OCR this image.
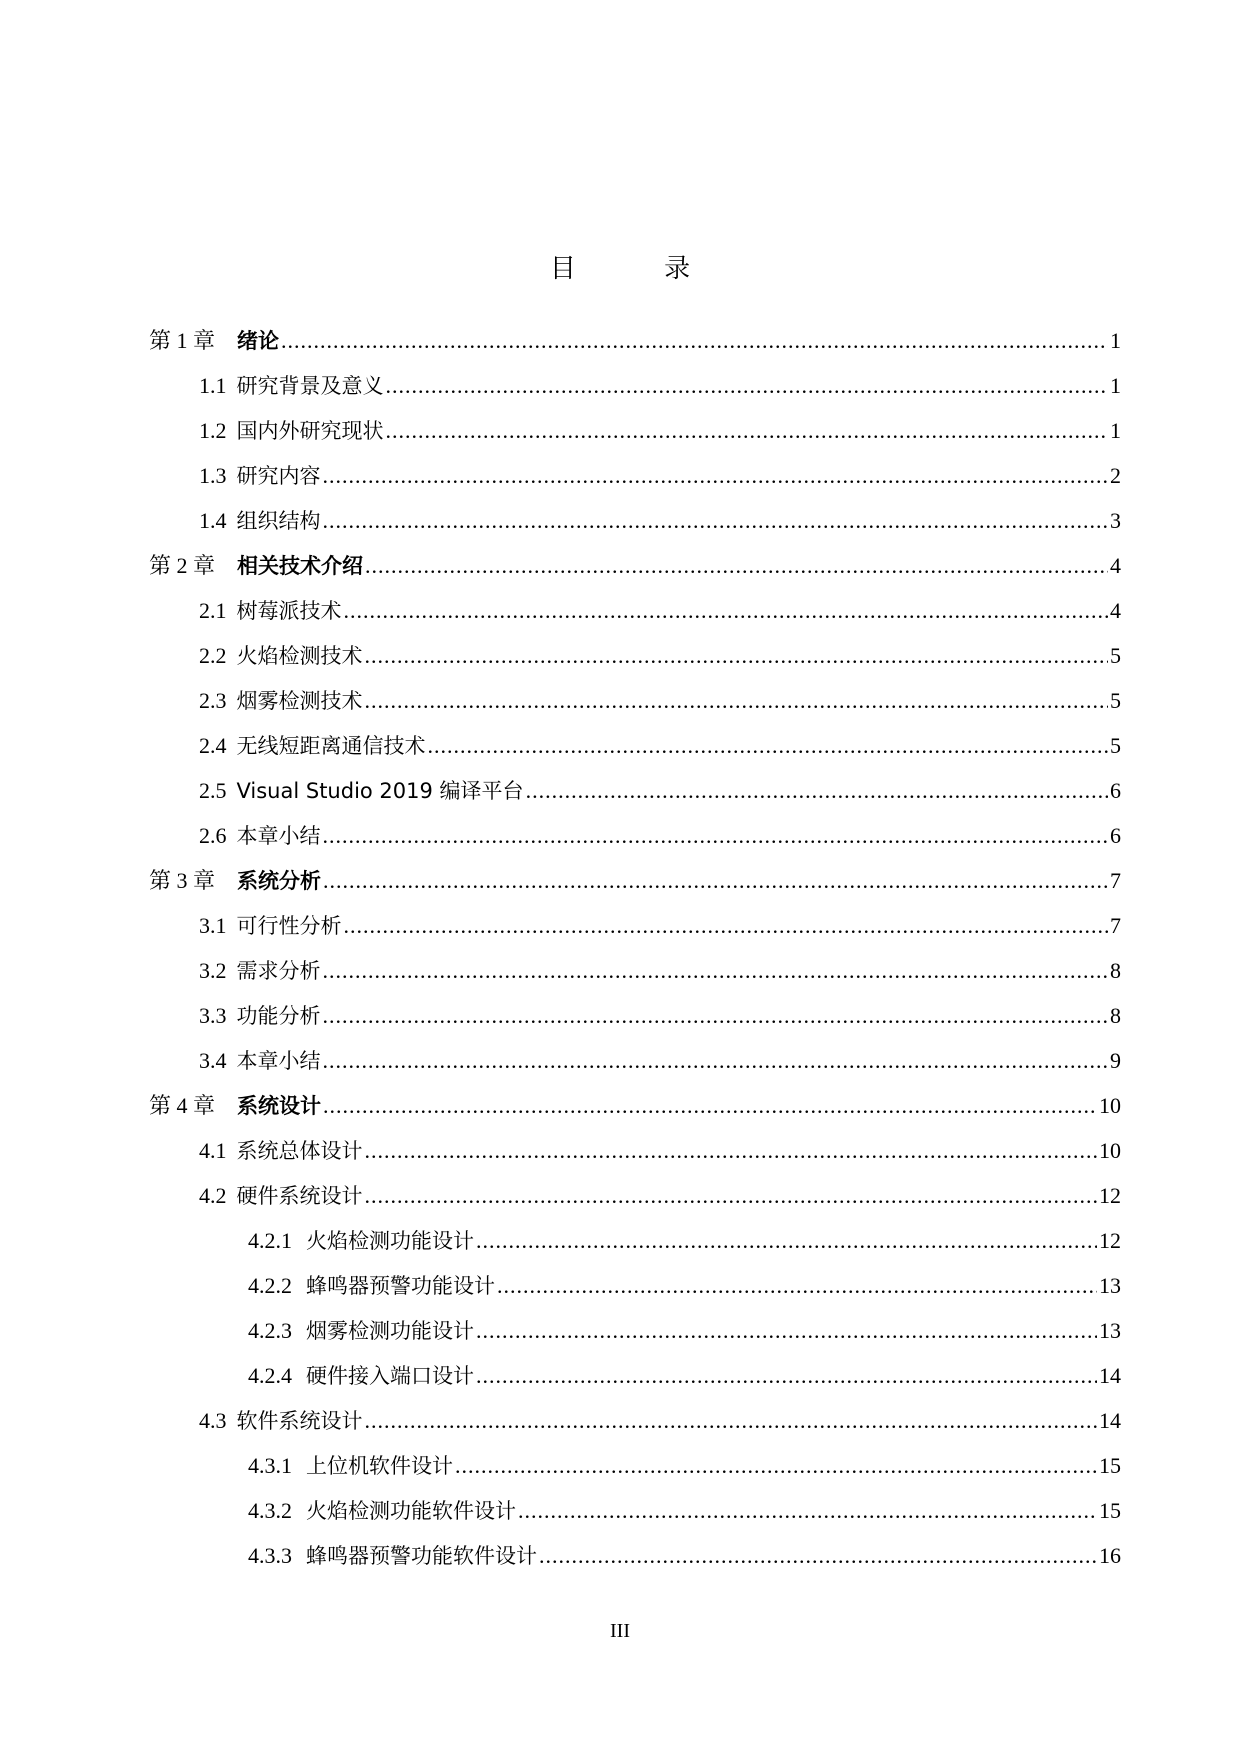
目 录
第 1 章 绪论 .....	1
1.1 研究背景及意义 .....	1
1.2 国内外研究现状 .....	1
1.3 研究内容 .....	2
1.4 组织结构 .....	3
第 2 章 相关技术介绍 .....	4
2.1 树莓派技术 .....	4
2.2 火焰检测技术 .....	5
2.3 烟雾检测技术 .....	5
2.4 无线短距离通信技术 .....	5
2.5 Visual Studio 2019 编译平台 .....	6
2.6 本章小结 .....	6
第 3 章 系统分析 .....	7
3.1 可行性分析 .....	7
3.2 需求分析 .....	8
3.3 功能分析 .....	8
3.4 本章小结 .....	9
第 4 章 系统设计 .....	10
4.1 系统总体设计 .....	10
4.2 硬件系统设计 .....	12
4.2.1 火焰检测功能设计 .....	12
4.2.2 蜂鸣器预警功能设计 .....	13
4.2.3 烟雾检测功能设计 .....	13
4.2.4 硬件接入端口设计 .....	14
4.3 软件系统设计 .....	14
4.3.1 上位机软件设计 .....	15
4.3.2 火焰检测功能软件设计 .....	15
4.3.3 蜂鸣器预警功能软件设计 .....	16
III
